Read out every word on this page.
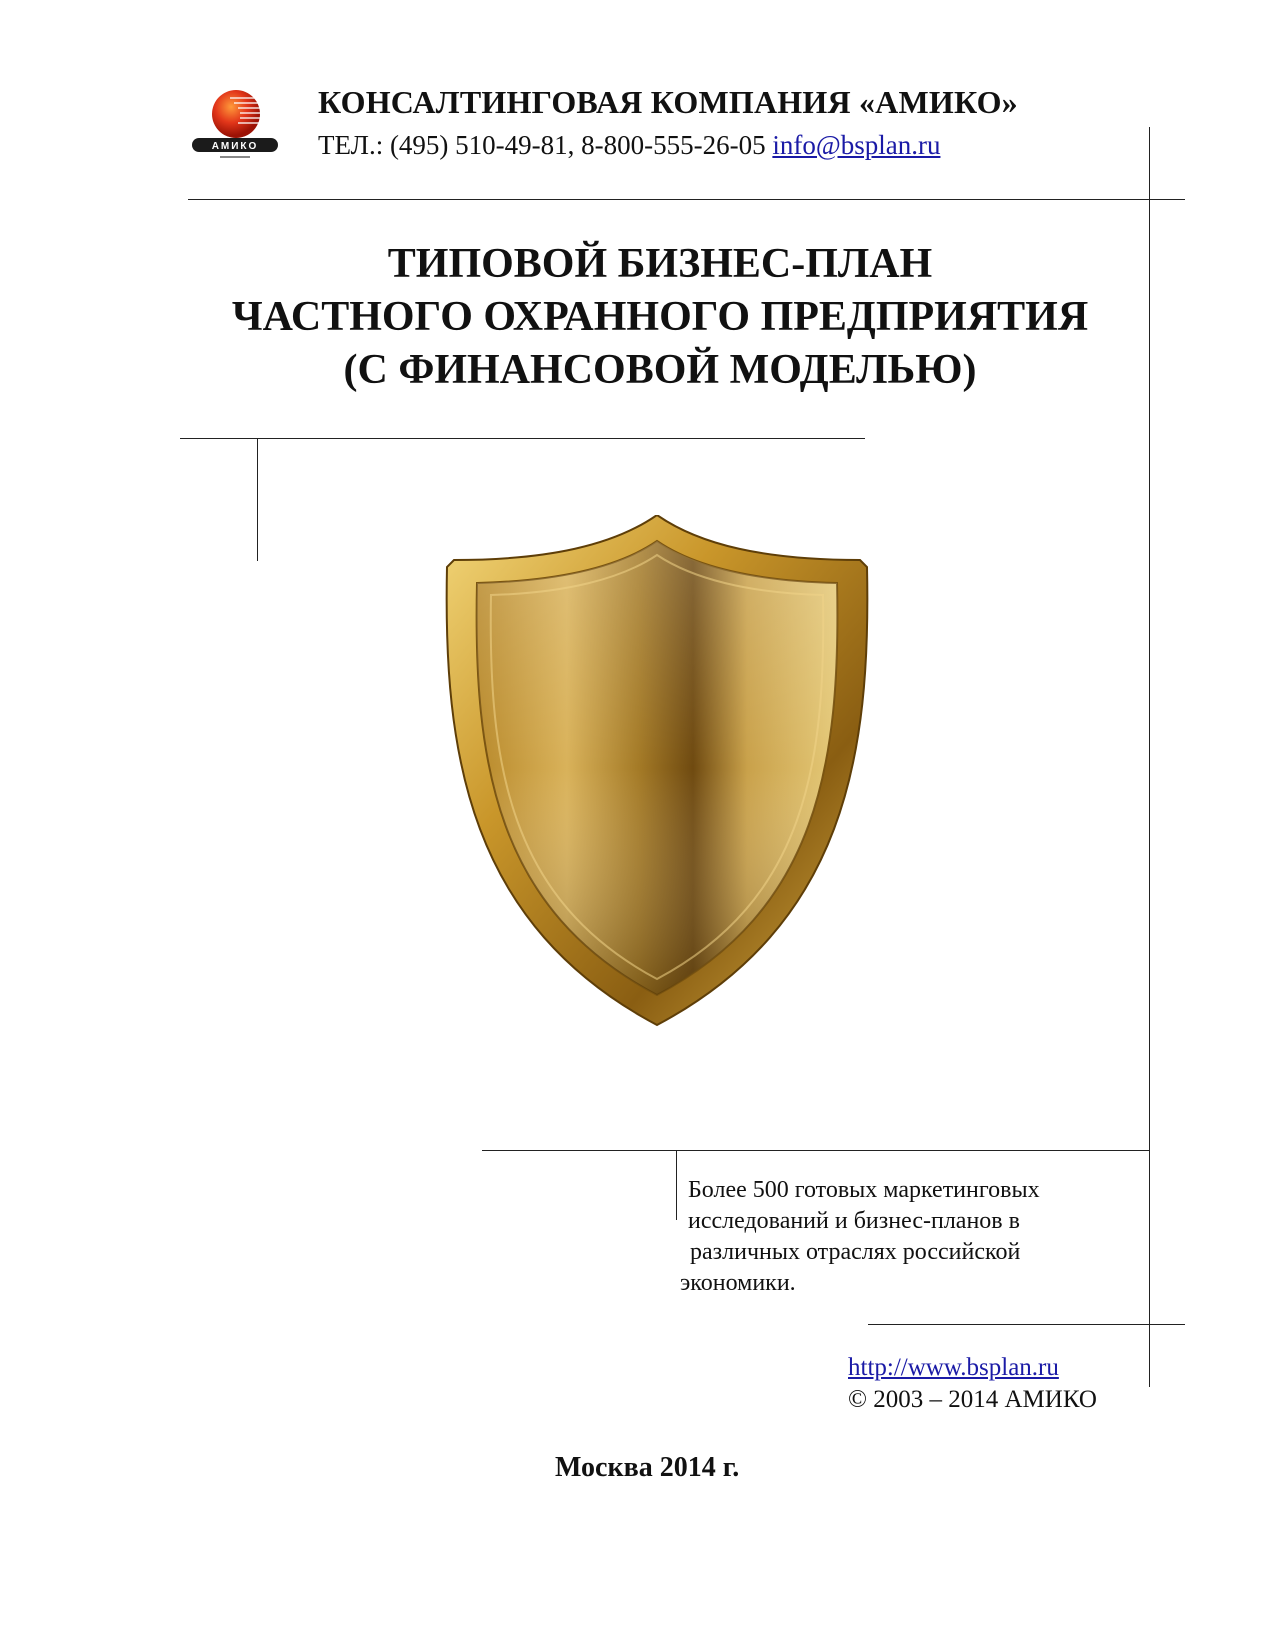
АМИКО
КОНСАЛТИНГОВАЯ КОМПАНИЯ «АМИКО»
ТЕЛ.: (495) 510-49-81, 8-800-555-26-05 info@bsplan.ru
ТИПОВОЙ БИЗНЕС-ПЛАН
ЧАСТНОГО ОХРАННОГО ПРЕДПРИЯТИЯ
(С ФИНАНСОВОЙ МОДЕЛЬЮ)
Более 500 готовых маркетинговых
исследований и бизнес-планов в
различных отраслях российской
экономики.
http://www.bsplan.ru
© 2003 – 2014 АМИКО
Москва 2014 г.
